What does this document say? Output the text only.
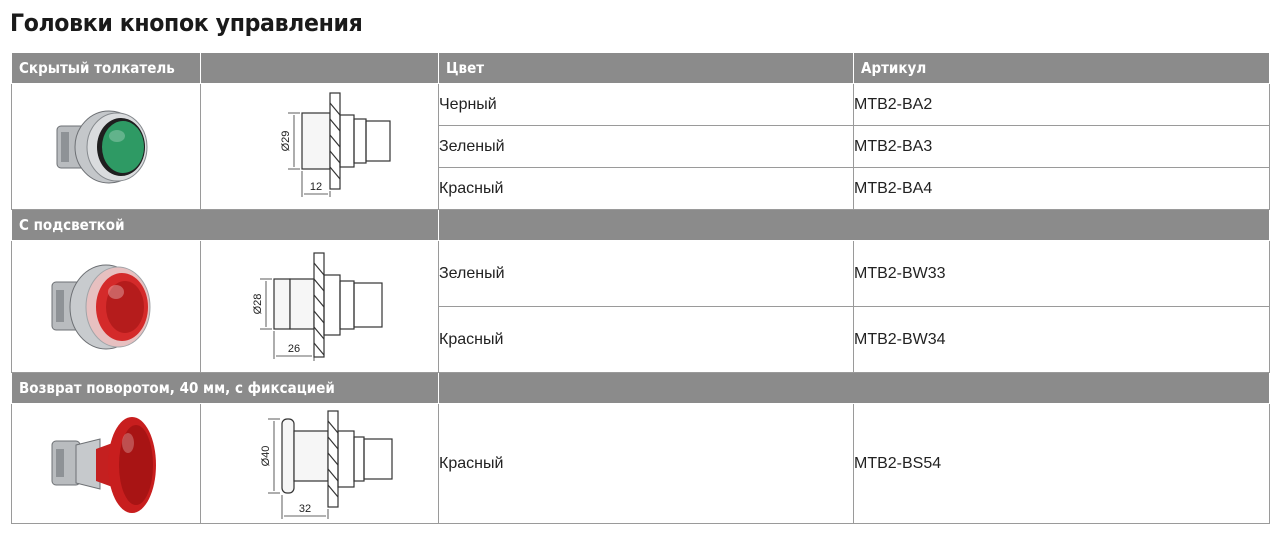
Головки кнопок управления
Скрытый толкатель		Цвет	Артикул

Ø29
12	Черный	MTB2-BA2
		Зеленый	MTB2-BA3
		Красный	MTB2-BA4
С подсветкой			

Ø28
26	Зеленый	MTB2-BW33
		Красный	MTB2-BW34
Возврат поворотом, 40 мм, с фиксацией			

Ø40
32	Красный	MTB2-BS54
